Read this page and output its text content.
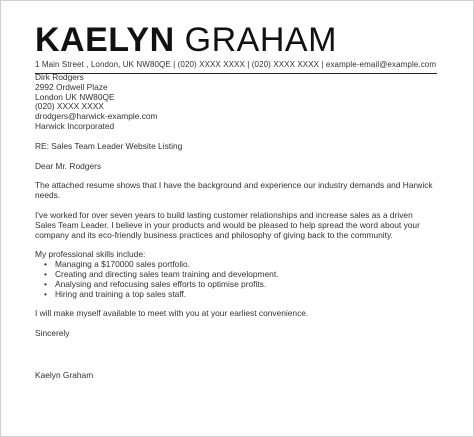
KAELYN GRAHAM
1 Main Street , London, UK NW80QE | (020) XXXX XXXX | (020) XXXX XXXX | example-email@example.com
Dirk Rodgers
2992 Ordwell Plaze
London UK NW80QE
(020) XXXX XXXX
drodgers@harwick-example.com
Harwick Incorporated
RE: Sales Team Leader Website Listing
Dear Mr. Rodgers

The attached resume shows that I have the background and experience our industry demands and Harwick needs.

I've worked for over seven years to build lasting customer relationships and increase sales as a driven Sales Team Leader. I believe in your products and would be pleased to help spread the word about your company and its eco-friendly business practices and philosophy of giving back to the community.

My professional skills include:
• Managing a $170000 sales portfolio.
• Creating and directing sales team training and development.
• Analysing and refocusing sales efforts to optimise profits.
• Hiring and training a top sales staff.
I will make myself available to meet with you at your earliest convenience.
Sincerely
Kaelyn Graham
